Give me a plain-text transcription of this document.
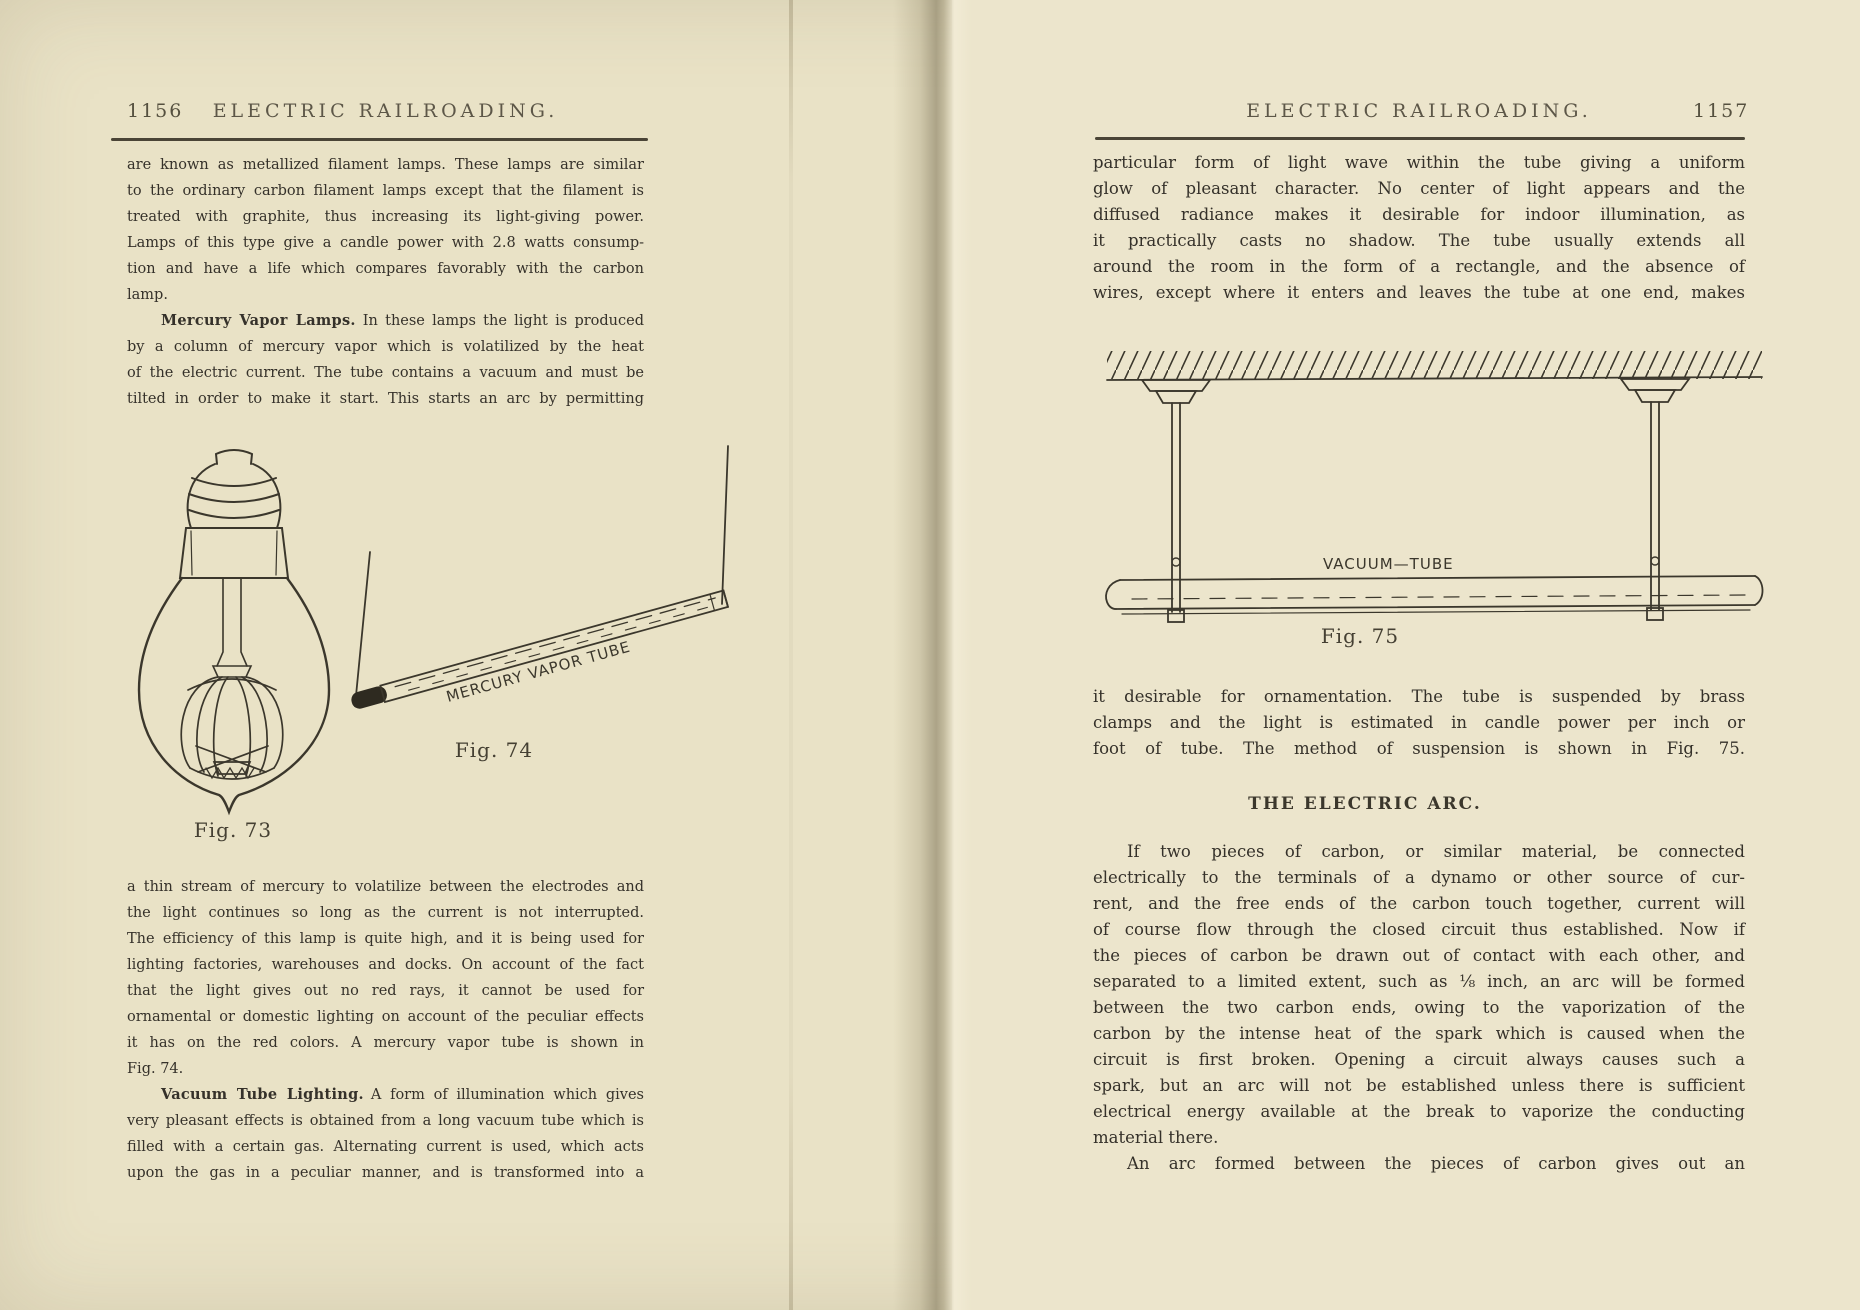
1156	ELECTRIC RAILROADING.
are known as metallized filament lamps. These lamps are similar
to the ordinary carbon filament lamps except that the filament is
treated with graphite, thus increasing its light-giving power.
Lamps of this type give a candle power with 2.8 watts consump-
tion and have a life which compares favorably with the carbon
lamp.
Mercury Vapor Lamps. In these lamps the light is produced
by a column of mercury vapor which is volatilized by the heat
of the electric current. The tube contains a vacuum and must be
tilted in order to make it start. This starts an arc by permitting
MERCURY VAPOR TUBE
Fig. 74
Fig. 73
a thin stream of mercury to volatilize between the electrodes and
the light continues so long as the current is not interrupted.
The efficiency of this lamp is quite high, and it is being used for
lighting factories, warehouses and docks. On account of the fact
that the light gives out no red rays, it cannot be used for
ornamental or domestic lighting on account of the peculiar effects
it has on the red colors. A mercury vapor tube is shown in
Fig. 74.
Vacuum Tube Lighting. A form of illumination which gives
very pleasant effects is obtained from a long vacuum tube which is
filled with a certain gas. Alternating current is used, which acts
upon the gas in a peculiar manner, and is transformed into a
ELECTRIC RAILROADING.	1157
particular form of light wave within the tube giving a uniform
glow of pleasant character. No center of light appears and the
diffused radiance makes it desirable for indoor illumination, as
it practically casts no shadow. The tube usually extends all
around the room in the form of a rectangle, and the absence of
wires, except where it enters and leaves the tube at one end, makes
VACUUM—TUBE
Fig. 75
it desirable for ornamentation. The tube is suspended by brass
clamps and the light is estimated in candle power per inch or
foot of tube. The method of suspension is shown in Fig. 75.
THE ELECTRIC ARC.
If two pieces of carbon, or similar material, be connected
electrically to the terminals of a dynamo or other source of cur-
rent, and the free ends of the carbon touch together, current will
of course flow through the closed circuit thus established. Now if
the pieces of carbon be drawn out of contact with each other, and
separated to a limited extent, such as ⅛ inch, an arc will be formed
between the two carbon ends, owing to the vaporization of the
carbon by the intense heat of the spark which is caused when the
circuit is first broken. Opening a circuit always causes such a
spark, but an arc will not be established unless there is sufficient
electrical energy available at the break to vaporize the conducting
material there.
An arc formed between the pieces of carbon gives out an
